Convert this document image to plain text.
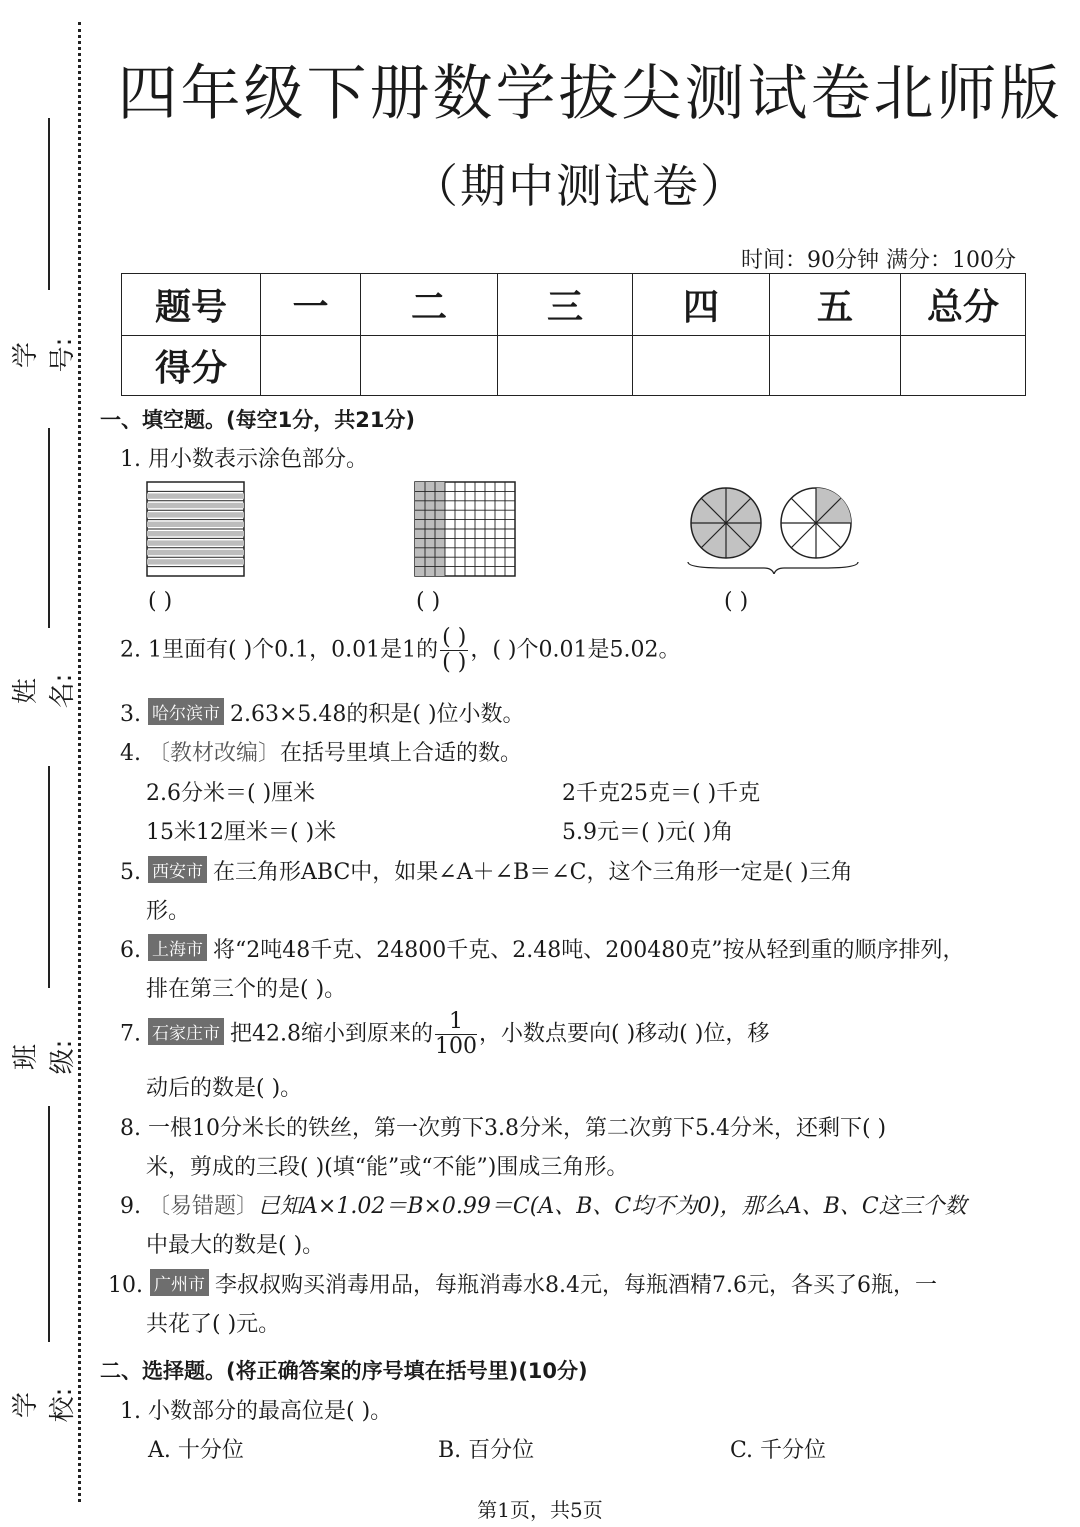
学号:
姓名:
班级:
学校:
四年级下册数学拔尖测试卷北师版
（期中测试卷）
时间：90分钟 满分：100分
题号	一	二	三	四	五	总分
得分						
一、填空题。(每空1分，共21分)
1. 用小数表示涂色部分。
( )	( )	( )
2. 1里面有( )个0.1，0.01是1的 $\frac{( )}{( )}$ ，( )个0.01是5.02。
3. 哈尔滨市 2.63×5.48的积是( )位小数。
4. 〔教材改编〕在括号里填上合适的数。
2.6分米＝( )厘米	2千克25克＝( )千克
15米12厘米＝( )米	5.9元＝( )元( )角
5. 西安市 在三角形ABC中，如果∠A＋∠B＝∠C，这个三角形一定是( )三角
形。
6. 上海市 将“2吨48千克、24800千克、2.48吨、200480克”按从轻到重的顺序排列，
排在第三个的是( )。
7. 石家庄市 把42.8缩小到原来的 $\frac{1}{100}$ ，小数点要向( )移动( )位，移
动后的数是( )。
8. 一根10分米长的铁丝，第一次剪下3.8分米，第二次剪下5.4分米，还剩下( )
米，剪成的三段( )(填“能”或“不能”)围成三角形。
9. 〔易错题〕已知A×1.02＝B×0.99＝C(A、B、C均不为0)，那么A、B、C这三个数
中最大的数是( )。
10. 广州市 李叔叔购买消毒用品，每瓶消毒水8.4元，每瓶酒精7.6元，各买了6瓶，一
共花了( )元。
二、选择题。(将正确答案的序号填在括号里)(10分)
1. 小数部分的最高位是( )。
A. 十分位	B. 百分位	C. 千分位
第1页，共5页
